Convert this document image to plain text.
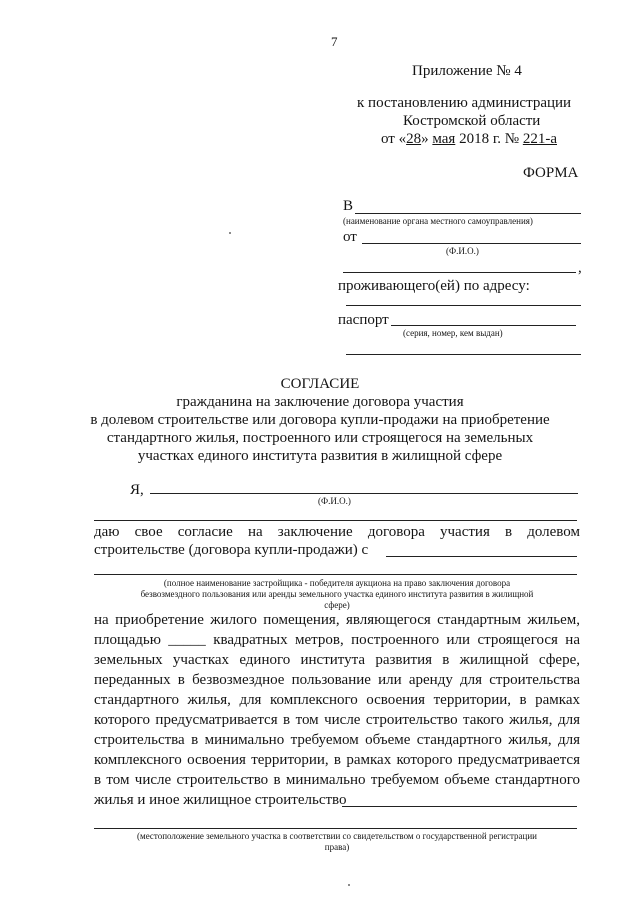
7
Приложение № 4
к постановлению администрации
Костромской области
от «28» мая 2018 г. № 221-а
ФОРМА
В
(наименование органа местного самоуправления)
от
(Ф.И.О.)
,
проживающего(ей) по адресу:
паспорт
(серия, номер, кем выдан)
СОГЛАСИЕ
гражданина на заключение договора участия
в долевом строительстве или договора купли-продажи на приобретение
стандартного жилья, построенного или строящегося на земельных
участках единого института развития в жилищной сфере
Я,
(Ф.И.О.)
даю свое согласие на заключение договора участия в долевом
строительстве (договора купли-продажи) с
(полное наименование застройщика - победителя аукциона на право заключения договора
безвозмездного пользования или аренды земельного участка единого института развития в жилищной
сфере)
на приобретение жилого помещения, являющегося стандартным жильем,
площадью _____ квадратных метров, построенного или строящегося на
земельных участках единого института развития в жилищной сфере,
переданных в безвозмездное пользование или аренду для строительства
стандартного жилья, для комплексного освоения территории, в рамках
которого предусматривается в том числе строительство такого жилья, для
строительства в минимально требуемом объеме стандартного жилья, для
комплексного освоения территории, в рамках которого предусматривается
в том числе строительство в минимально требуемом объеме стандартного
жилья и иное жилищное строительство
(местоположение земельного участка в соответствии со свидетельством о государственной регистрации
права)
